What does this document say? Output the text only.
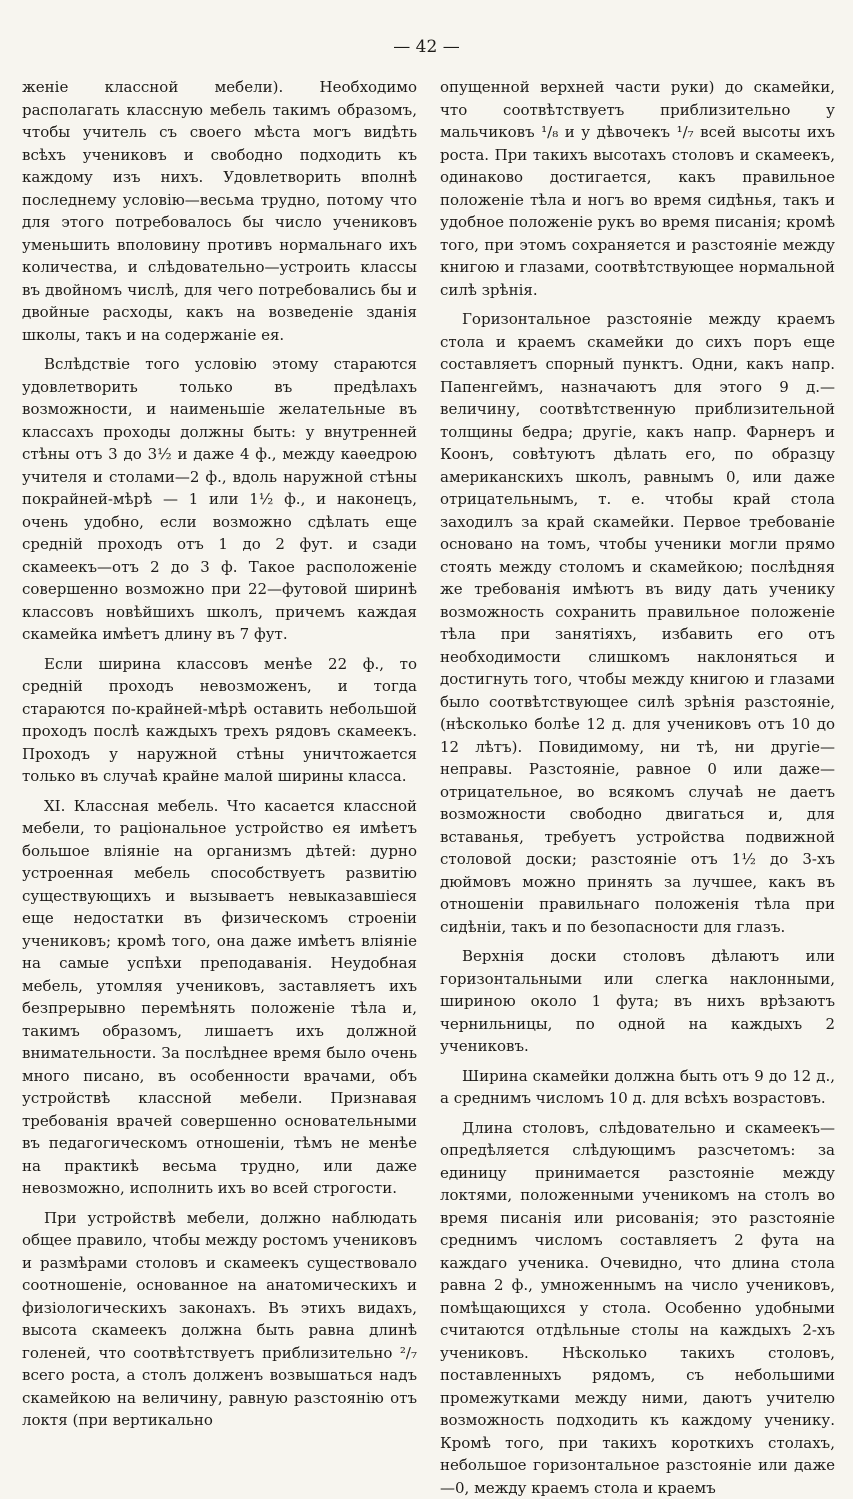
— 42 —

женіе классной мебели). Необходимо располагать классную мебель такимъ образомъ, чтобы учитель съ своего мѣста могъ видѣть всѣхъ учениковъ и свободно подходить къ каждому изъ нихъ. Удовлетворить вполнѣ последнему условію—весьма трудно, потому что для этого потребовалось бы число учениковъ уменьшить вполовину противъ нормальнаго ихъ количества, и слѣдовательно—устроить классы въ двойномъ числѣ, для чего потребовались бы и двойные расходы, какъ на возведеніе зданія школы, такъ и на содержаніе ея.

Вслѣдствіе того условію этому стараются удовлетворить только въ предѣлахъ возможности, и наименьшіе желательные въ классахъ проходы должны быть: у внутренней стѣны отъ 3 до 3½ и даже 4 ф., между каѳедрою учителя и столами—2 ф., вдоль наружной стѣны покрайней-мѣрѣ — 1 или 1½ ф., и наконецъ, очень удобно, если возможно сдѣлать еще средній проходъ отъ 1 до 2 фут. и сзади скамеекъ—отъ 2 до 3 ф. Такое расположеніе совершенно возможно при 22—футовой ширинѣ классовъ новѣйшихъ школъ, причемъ каждая скамейка имѣетъ длину въ 7 фут.

Если ширина классовъ менѣе 22 ф., то средній проходъ невозможенъ, и тогда стараются по-крайней-мѣрѣ оставить небольшой проходъ послѣ каждыхъ трехъ рядовъ скамеекъ. Проходъ у наружной стѣны уничтожается только въ случаѣ крайне малой ширины класса.

XI. Классная мебель. Что касается классной мебели, то раціональное устройство ея имѣетъ большое вліяніе на организмъ дѣтей: дурно устроенная мебель способствуетъ развитію существующихъ и вызываетъ невыказавшіеся еще недостатки въ физическомъ строеніи учениковъ; кромѣ того, она даже имѣетъ вліяніе на самые успѣхи преподаванія. Неудобная мебель, утомляя учениковъ, заставляетъ ихъ безпрерывно перемѣнять положеніе тѣла и, такимъ образомъ, лишаетъ ихъ должной внимательности. За послѣднее время было очень много писано, въ особенности врачами, объ устройствѣ классной мебели. Признавая требованія врачей совершенно основательными въ педагогическомъ отношеніи, тѣмъ не менѣе на практикѣ весьма трудно, или даже невозможно, исполнить ихъ во всей строгости.

При устройствѣ мебели, должно наблюдать общее правило, чтобы между ростомъ учениковъ и размѣрами столовъ и скамеекъ существовало соотношеніе, основанное на анатомическихъ и физіологическихъ законахъ. Въ этихъ видахъ, высота скамеекъ должна быть равна длинѣ голеней, что соотвѣтствуетъ приблизительно ²/₇ всего роста, а столъ долженъ возвышаться надъ скамейкою на величину, равную разстоянію отъ локтя (при вертикально

опущенной верхней части руки) до скамейки, что соотвѣтствуетъ приблизительно у мальчиковъ ¹/₈ и у дѣвочекъ ¹/₇ всей высоты ихъ роста. При такихъ высотахъ столовъ и скамеекъ, одинаково достигается, какъ правильное положеніе тѣла и ногъ во время сидѣнья, такъ и удобное положеніе рукъ во время писанія; кромѣ того, при этомъ сохраняется и разстояніе между книгою и глазами, соотвѣтствующее нормальной силѣ зрѣнія.

Горизонтальное разстояніе между краемъ стола и краемъ скамейки до сихъ поръ еще составляетъ спорный пунктъ. Одни, какъ напр. Папенгеймъ, назначаютъ для этого 9 д.—величину, соотвѣтственную приблизительной толщины бедра; другіе, какъ напр. Фарнеръ и Коонъ, совѣтуютъ дѣлать его, по образцу американскихъ школъ, равнымъ 0, или даже отрицательнымъ, т. е. чтобы край стола заходилъ за край скамейки. Первое требованіе основано на томъ, чтобы ученики могли прямо стоять между столомъ и скамейкою; послѣдняя же требованія имѣютъ въ виду дать ученику возможность сохранить правильное положеніе тѣла при занятіяхъ, избавить его отъ необходимости слишкомъ наклоняться и достигнуть того, чтобы между книгою и глазами было соотвѣтствующее силѣ зрѣнія разстояніе, (нѣсколько болѣе 12 д. для учениковъ отъ 10 до 12 лѣтъ). Повидимому, ни тѣ, ни другіе—неправы. Разстояніе, равное 0 или даже—отрицательное, во всякомъ случаѣ не даетъ возможности свободно двигаться и, для вставанья, требуетъ устройства подвижной столовой доски; разстояніе отъ 1½ до 3-хъ дюймовъ можно принять за лучшее, какъ въ отношеніи правильнаго положенія тѣла при сидѣніи, такъ и по безопасности для глазъ.

Верхнія доски столовъ дѣлаютъ или горизонтальными или слегка наклонными, шириною около 1 фута; въ нихъ врѣзаютъ чернильницы, по одной на каждыхъ 2 учениковъ.

Ширина скамейки должна быть отъ 9 до 12 д., а среднимъ числомъ 10 д. для всѣхъ возрастовъ.

Длина столовъ, слѣдовательно и скамеекъ—опредѣляется слѣдующимъ разсчетомъ: за единицу принимается разстояніе между локтями, положенными ученикомъ на столъ во время писанія или рисованія; это разстояніе среднимъ числомъ составляетъ 2 фута на каждаго ученика. Очевидно, что длина стола равна 2 ф., умноженнымъ на число учениковъ, помѣщающихся у стола. Особенно удобными считаются отдѣльные столы на каждыхъ 2-хъ учениковъ. Нѣсколько такихъ столовъ, поставленныхъ рядомъ, съ небольшими промежутками между ними, даютъ учителю возможность подходить къ каждому ученику. Кромѣ того, при такихъ короткихъ столахъ, небольшое горизонтальное разстояніе или даже—0, между краемъ стола и краемъ
